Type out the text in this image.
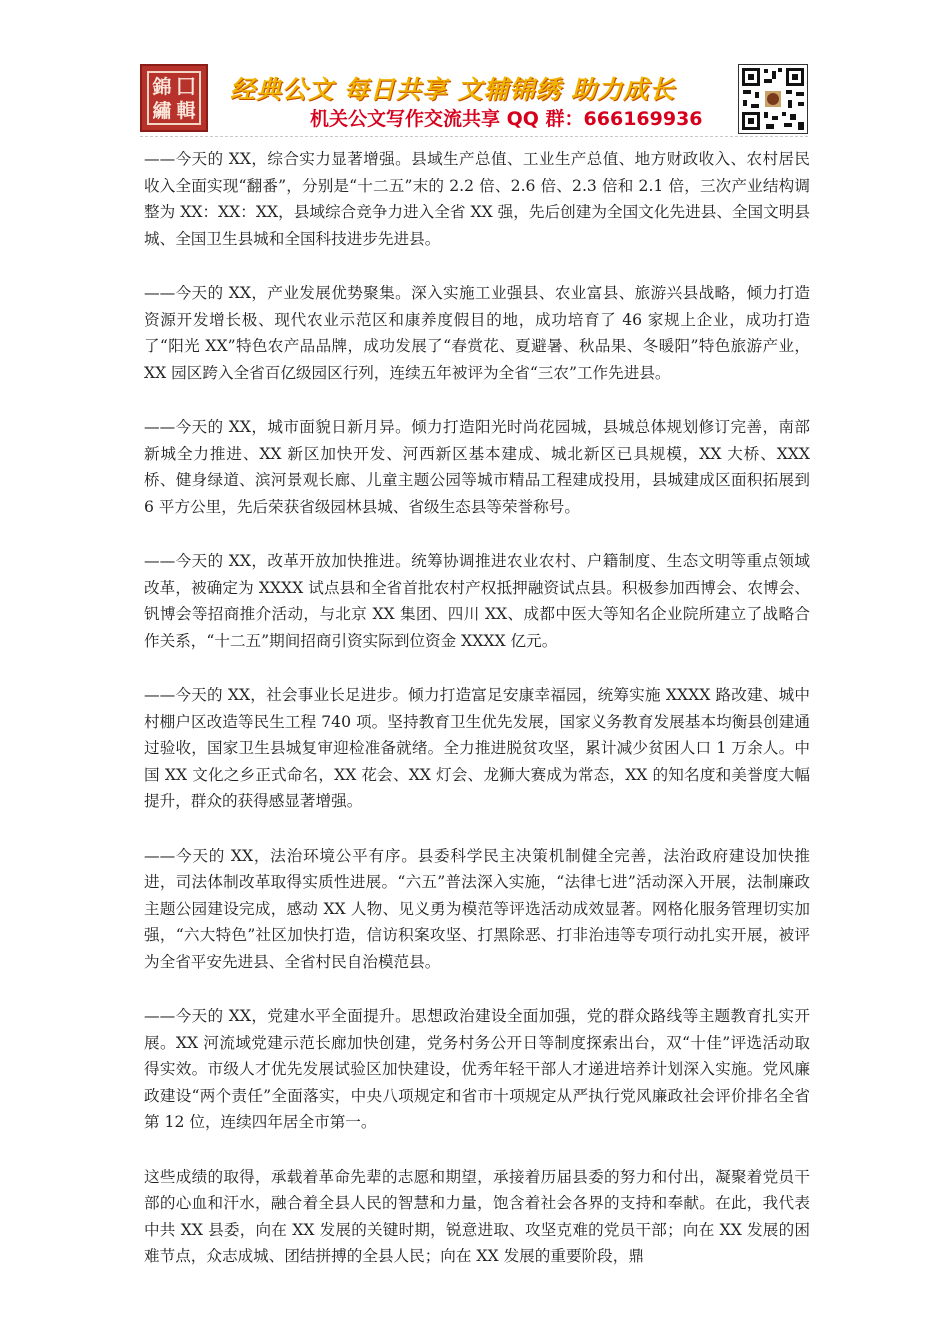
錦 囗
繡 輯
经典公文 每日共享 文辅锦绣 助力成长
机关公文写作交流共享 QQ 群：666169936

——今天的 XX，综合实力显著增强。县域生产总值、工业生产总值、地方财政收入、农村居民收入全面实现“翻番”，分别是“十二五”末的 2.2 倍、2.6 倍、2.3 倍和 2.1 倍，三次产业结构调整为 XX：XX：XX，县域综合竞争力进入全省 XX 强，先后创建为全国文化先进县、全国文明县城、全国卫生县城和全国科技进步先进县。

——今天的 XX，产业发展优势聚集。深入实施工业强县、农业富县、旅游兴县战略，倾力打造资源开发增长极、现代农业示范区和康养度假目的地，成功培育了 46 家规上企业，成功打造了“阳光 XX”特色农产品品牌，成功发展了“春赏花、夏避暑、秋品果、冬暖阳”特色旅游产业，XX 园区跨入全省百亿级园区行列，连续五年被评为全省“三农”工作先进县。

——今天的 XX，城市面貌日新月异。倾力打造阳光时尚花园城，县城总体规划修订完善，南部新城全力推进、XX 新区加快开发、河西新区基本建成、城北新区已具规模，XX 大桥、XXX 桥、健身绿道、滨河景观长廊、儿童主题公园等城市精品工程建成投用，县城建成区面积拓展到 6 平方公里，先后荣获省级园林县城、省级生态县等荣誉称号。

——今天的 XX，改革开放加快推进。统筹协调推进农业农村、户籍制度、生态文明等重点领域改革，被确定为 XXXX 试点县和全省首批农村产权抵押融资试点县。积极参加西博会、农博会、钒博会等招商推介活动，与北京 XX 集团、四川 XX、成都中医大等知名企业院所建立了战略合作关系，“十二五”期间招商引资实际到位资金 XXXX 亿元。

——今天的 XX，社会事业长足进步。倾力打造富足安康幸福园，统筹实施 XXXX 路改建、城中村棚户区改造等民生工程 740 项。坚持教育卫生优先发展，国家义务教育发展基本均衡县创建通过验收，国家卫生县城复审迎检准备就绪。全力推进脱贫攻坚，累计减少贫困人口 1 万余人。中国 XX 文化之乡正式命名，XX 花会、XX 灯会、龙狮大赛成为常态，XX 的知名度和美誉度大幅提升，群众的获得感显著增强。

——今天的 XX，法治环境公平有序。县委科学民主决策机制健全完善，法治政府建设加快推进，司法体制改革取得实质性进展。“六五”普法深入实施，“法律七进”活动深入开展，法制廉政主题公园建设完成，感动 XX 人物、见义勇为模范等评选活动成效显著。网格化服务管理切实加强，“六大特色”社区加快打造，信访积案攻坚、打黑除恶、打非治违等专项行动扎实开展，被评为全省平安先进县、全省村民自治模范县。

——今天的 XX，党建水平全面提升。思想政治建设全面加强，党的群众路线等主题教育扎实开展。XX 河流域党建示范长廊加快创建，党务村务公开日等制度探索出台，双“十佳”评选活动取得实效。市级人才优先发展试验区加快建设，优秀年轻干部人才递进培养计划深入实施。党风廉政建设“两个责任”全面落实，中央八项规定和省市十项规定从严执行党风廉政社会评价排名全省第 12 位，连续四年居全市第一。

这些成绩的取得，承载着革命先辈的志愿和期望，承接着历届县委的努力和付出，凝聚着党员干部的心血和汗水，融合着全县人民的智慧和力量，饱含着社会各界的支持和奉献。在此，我代表中共 XX 县委，向在 XX 发展的关键时期，锐意进取、攻坚克难的党员干部；向在 XX 发展的困难节点，众志成城、团结拼搏的全县人民；向在 XX 发展的重要阶段，鼎
